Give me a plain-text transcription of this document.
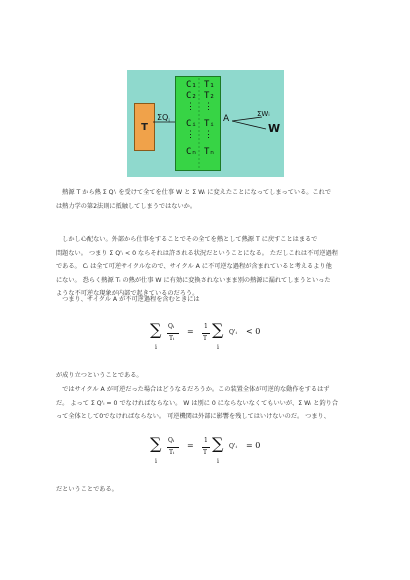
T
$\Sigma Q_i$
C₁
C₂
⋮
Cᵢ
⋮
Cₙ
T₁
T₂
⋮
Tᵢ
⋮
Tₙ
A	ΣWᵢ
W
　熱源 T から熱 Σ Q'ᵢ を受けて全てを仕事 W と Σ Wᵢ に変えたことになってしまっている。これで
は熱力学の第2法則に抵触してしまうではないか。
　しかし心配ない。外部から仕事をすることでその全てを熱として熱源 T に戻すことはまるで
問題ない。 つまり Σ Q'ᵢ < 0 ならそれは許される状況だということになる。 ただしこれは不可逆過程
である。 Cᵢ は全て可逆サイクルなので、サイクル A に不可逆な過程が含まれていると考えるより他
にない。 恐らく熱源 Tᵢ の熱が仕事 W に有効に変換されないまま別の熱源に漏れてしまうといった
ような不可逆な現象が内部で起きているのだろう。
　つまり、サイクル A が不可逆過程を含むときには
∑
i
Qᵢ
Tᵢ
=
1
T ∑
i
Q'ᵢ < 0
が成り立つということである。
　ではサイクル A が可逆だった場合はどうなるだろうか。この装置全体が可逆的な動作をするはず
だ。 よって Σ Q'ᵢ = 0 でなければならない。 W は別に 0 にならないなくてもいいが、Σ Wᵢ と釣り合
って全体として0でなければならない。 可逆機関は外部に影響を残してはいけないのだ。 つまり、
∑
i
Qᵢ
Tᵢ
=
1
T ∑
i
Q'ᵢ = 0
だということである。
